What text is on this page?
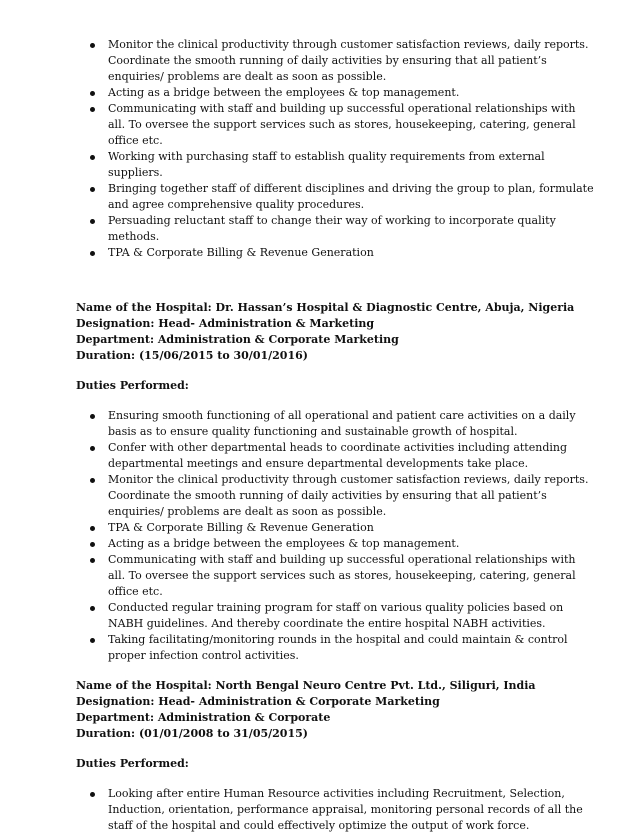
Monitor the clinical productivity through customer satisfaction reviews, daily reports. Coordinate the smooth running of daily activities by ensuring that all patient’s enquiries/ problems are dealt as soon as possible.
Acting as a bridge between the employees & top management.
Communicating with staff and building up successful operational relationships with all. To oversee the support services such as stores, housekeeping, catering, general office etc.
Working with purchasing staff to establish quality requirements from external suppliers.
Bringing together staff of different disciplines and driving the group to plan, formulate and agree comprehensive quality procedures.
Persuading reluctant staff to change their way of working to incorporate quality methods.
TPA & Corporate Billing & Revenue Generation
Name of the Hospital: Dr. Hassan’s Hospital & Diagnostic Centre, Abuja, Nigeria
Designation: Head- Administration & Marketing
Department: Administration & Corporate Marketing
Duration: (15/06/2015 to 30/01/2016)
Duties Performed:
Ensuring smooth functioning of all operational and patient care activities on a daily basis as to ensure quality functioning and sustainable growth of hospital.
Confer with other departmental heads to coordinate activities including attending departmental meetings and ensure departmental developments take place.
Monitor the clinical productivity through customer satisfaction reviews, daily reports. Coordinate the smooth running of daily activities by ensuring that all patient’s enquiries/ problems are dealt as soon as possible.
TPA & Corporate Billing & Revenue Generation
Acting as a bridge between the employees & top management.
Communicating with staff and building up successful operational relationships with all. To oversee the support services such as stores, housekeeping, catering, general office etc.
Conducted regular training program for staff on various quality policies based on NABH guidelines. And thereby coordinate the entire hospital NABH activities.
Taking facilitating/monitoring rounds in the hospital and could maintain & control proper infection control activities.
Name of the Hospital: North Bengal Neuro Centre Pvt. Ltd., Siliguri, India
Designation: Head- Administration & Corporate Marketing
Department: Administration & Corporate
Duration: (01/01/2008 to 31/05/2015)
Duties Performed:
Looking after entire Human Resource activities including Recruitment, Selection, Induction, orientation, performance appraisal, monitoring personal records of all the staff of the hospital and could effectively optimize the output of work force.
